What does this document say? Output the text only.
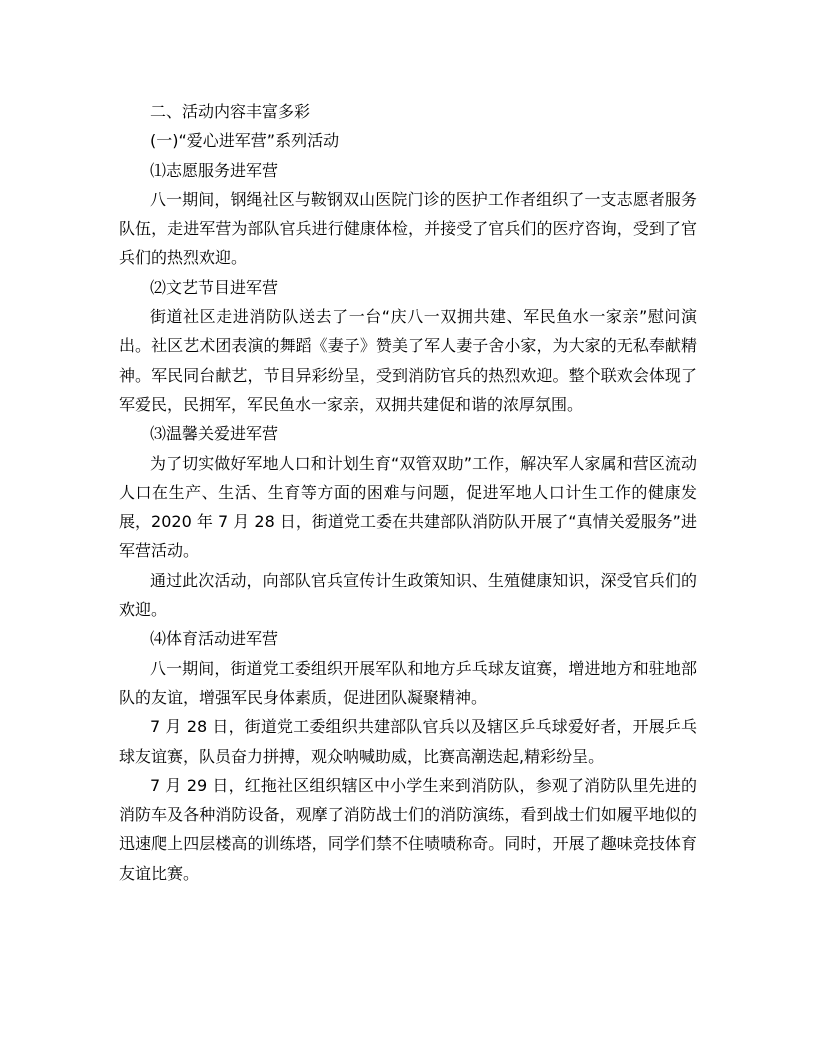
二、活动内容丰富多彩

(一)“爱心进军营”系列活动

⑴志愿服务进军营

八一期间，钢绳社区与鞍钢双山医院门诊的医护工作者组织了一支志愿者服务队伍，走进军营为部队官兵进行健康体检，并接受了官兵们的医疗咨询，受到了官兵们的热烈欢迎。

⑵文艺节目进军营

街道社区走进消防队送去了一台“庆八一双拥共建、军民鱼水一家亲”慰问演出。社区艺术团表演的舞蹈《妻子》赞美了军人妻子舍小家，为大家的无私奉献精神。军民同台献艺，节目异彩纷呈，受到消防官兵的热烈欢迎。整个联欢会体现了军爱民，民拥军，军民鱼水一家亲，双拥共建促和谐的浓厚氛围。

⑶温馨关爱进军营

为了切实做好军地人口和计划生育“双管双助”工作，解决军人家属和营区流动人口在生产、生活、生育等方面的困难与问题，促进军地人口计生工作的健康发展，2020 年 7 月 28 日，街道党工委在共建部队消防队开展了“真情关爱服务”进军营活动。

通过此次活动，向部队官兵宣传计生政策知识、生殖健康知识，深受官兵们的欢迎。

⑷体育活动进军营

八一期间，街道党工委组织开展军队和地方乒乓球友谊赛，增进地方和驻地部队的友谊，增强军民身体素质，促进团队凝聚精神。

7 月 28 日，街道党工委组织共建部队官兵以及辖区乒乓球爱好者，开展乒乓球友谊赛，队员奋力拼搏，观众呐喊助威，比赛高潮迭起,精彩纷呈。

7 月 29 日，红拖社区组织辖区中小学生来到消防队，参观了消防队里先进的消防车及各种消防设备，观摩了消防战士们的消防演练，看到战士们如履平地似的迅速爬上四层楼高的训练塔，同学们禁不住啧啧称奇。同时，开展了趣味竞技体育友谊比赛。
